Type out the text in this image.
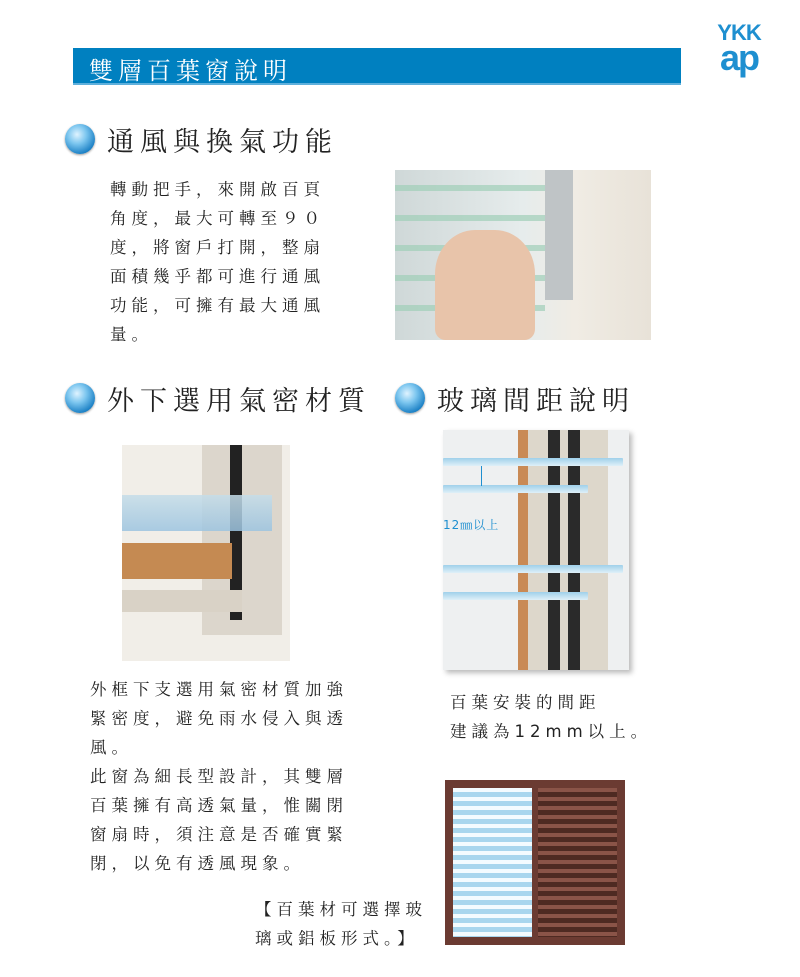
雙層百葉窗說明
YKK
ap
通風與換氣功能
轉動把手，來開啟百頁
角度，最大可轉至９０
度，將窗戶打開，整扇
面積幾乎都可進行通風
功能，可擁有最大通風
量。
外下選用氣密材質 玻璃間距說明
12㎜以上
外框下支選用氣密材質加強
緊密度，避免雨水侵入與透
風。
此窗為細長型設計，其雙層
百葉擁有高透氣量，惟關閉
窗扇時，須注意是否確實緊
閉，以免有透風現象。
百葉安裝的間距
建議為12mm以上。
【百葉材可選擇玻
璃或鋁板形式。】
